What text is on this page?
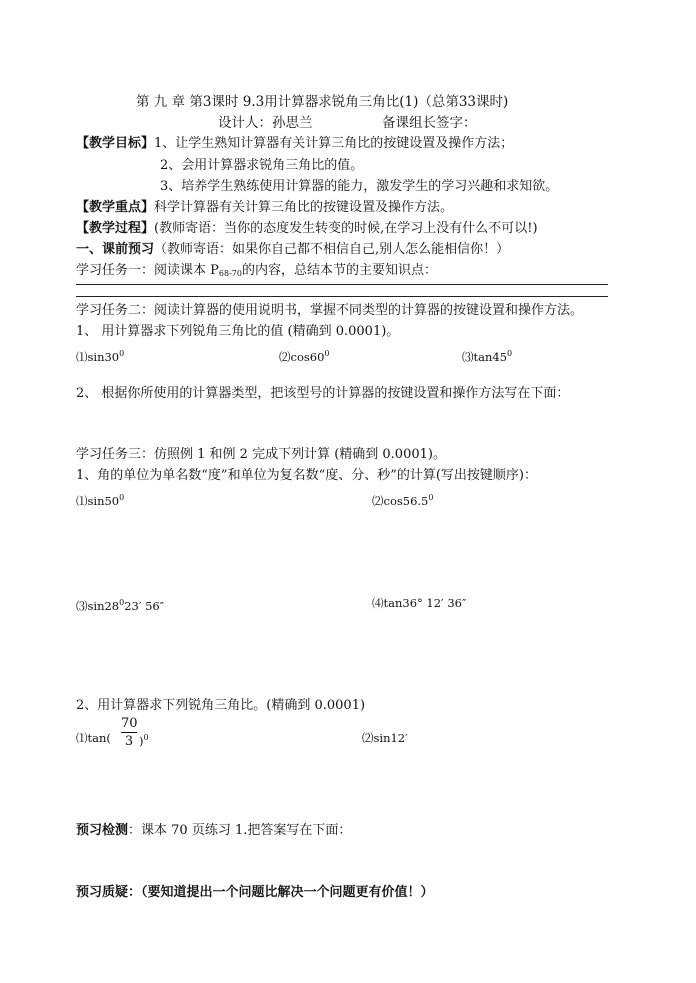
第 九 章 第3课时 9.3用计算器求锐角三角比(1)（总第33课时)
设计人：孙思兰	备课组长签字：
【教学目标】1、让学生熟知计算器有关计算三角比的按键设置及操作方法；
2、会用计算器求锐角三角比的值。
3、培养学生熟练使用计算器的能力，激发学生的学习兴趣和求知欲。
【教学重点】科学计算器有关计算三角比的按键设置及操作方法。
【教学过程】(教师寄语：当你的态度发生转变的时候,在学习上没有什么不可以!)
一、课前预习（教师寄语：如果你自己都不相信自己,别人怎么能相信你！）
学习任务一：阅读课本 $P_{68-70}$的内容，总结本节的主要知识点：
学习任务二：阅读计算器的使用说明书，掌握不同类型的计算器的按键设置和操作方法。
1、 用计算器求下列锐角三角比的值 (精确到 0.0001)。
$⑴\sin 30^0$	$⑵\cos 60^0$	$⑶\tan 45^0$
2、 根据你所使用的计算器类型，把该型号的计算器的按键设置和操作方法写在下面：
学习任务三：仿照例 1 和例 2 完成下列计算 (精确到 0.0001)。
1、角的单位为单名数“度”和单位为复名数“度、分、秒”的计算(写出按键顺序)：
$⑴\sin 50^0$	⑵cos56.5$^0$
$⑶\sin 28^023'$ 56″	⑷tan36° 12′ 36″
2、用计算器求下列锐角三角比。(精确到 0.0001)
⑴tan(
70
3 )$^0$	⑵sin12′
预习检测：课本 70 页练习 1.把答案写在下面：
预习质疑：（要知道提出一个问题比解决一个问题更有价值！）
